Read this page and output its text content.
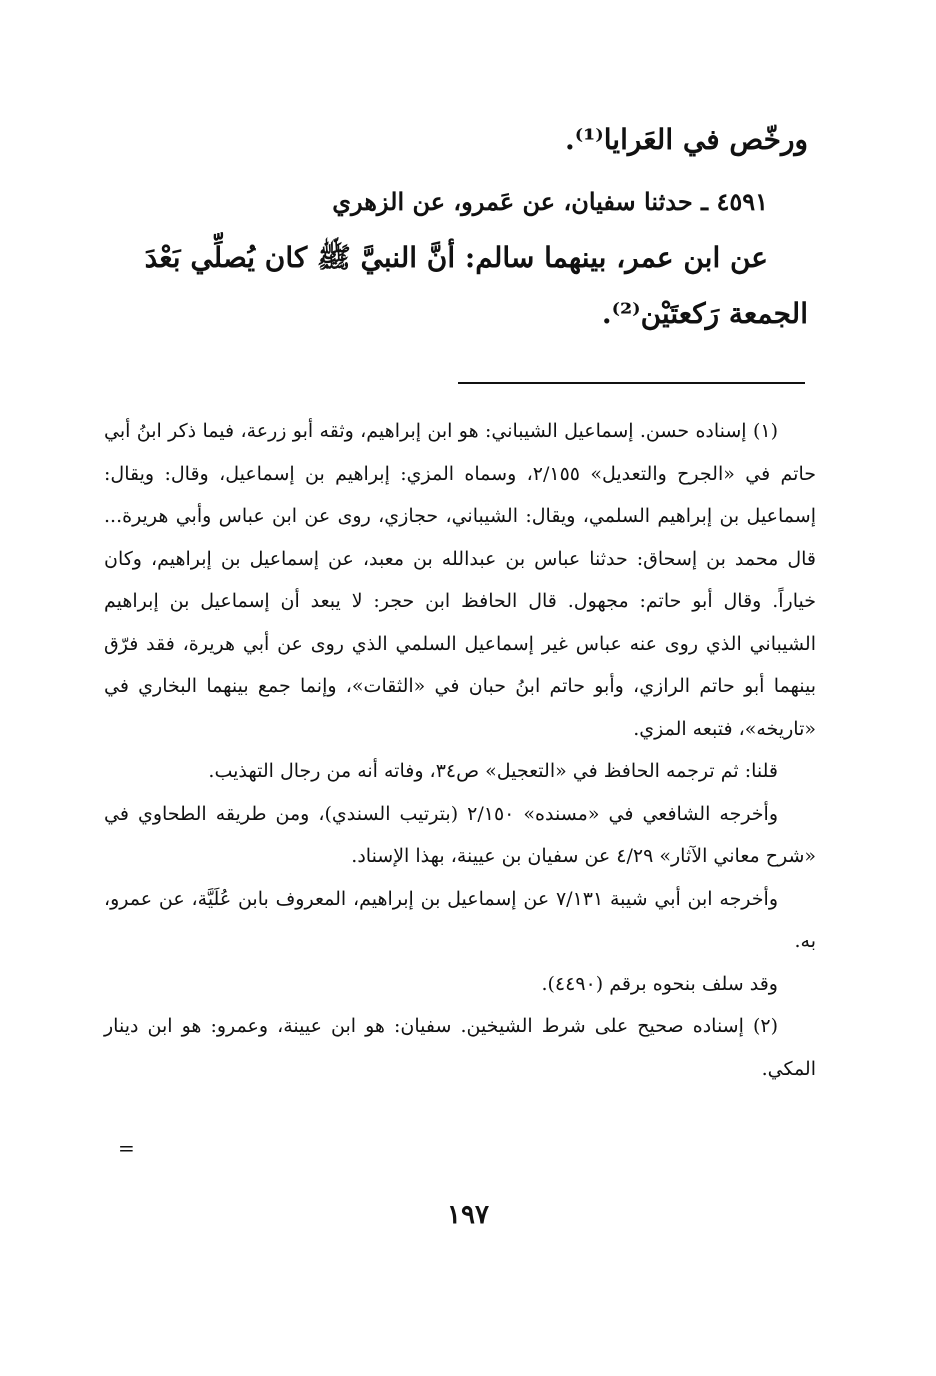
ورخّص في العَرايا⁽¹⁾.

٤٥٩١ ـ حدثنا سفيان، عن عَمرو، عن الزهري

عن ابن عمر، بينهما سالم: أنَّ النبيَّ ﷺ كان يُصلِّي بَعْدَ

الجمعة رَكعتَيْن⁽²⁾.

(١) إسناده حسن. إسماعيل الشيباني: هو ابن إبراهيم، وثقه أبو زرعة، فيما ذكر ابنُ أبي حاتم في «الجرح والتعديل» ٢/١٥٥، وسماه المزي: إبراهيم بن إسماعيل، وقال: ويقال: إسماعيل بن إبراهيم السلمي، ويقال: الشيباني، حجازي، روى عن ابن عباس وأبي هريرة... قال محمد بن إسحاق: حدثنا عباس بن عبدالله بن معبد، عن إسماعيل بن إبراهيم، وكان خياراً. وقال أبو حاتم: مجهول. قال الحافظ ابن حجر: لا يبعد أن إسماعيل بن إبراهيم الشيباني الذي روى عنه عباس غير إسماعيل السلمي الذي روى عن أبي هريرة، فقد فرّق بينهما أبو حاتم الرازي، وأبو حاتم ابنُ حبان في «الثقات»، وإنما جمع بينهما البخاري في «تاريخه»، فتبعه المزي.

قلنا: ثم ترجمه الحافظ في «التعجيل» ص٣٤، وفاته أنه من رجال التهذيب.

وأخرجه الشافعي في «مسنده» ٢/١٥٠ (بترتيب السندي)، ومن طريقه الطحاوي في «شرح معاني الآثار» ٤/٢٩ عن سفيان بن عيينة، بهذا الإسناد.

وأخرجه ابن أبي شيبة ٧/١٣١ عن إسماعيل بن إبراهيم، المعروف بابن عُلَيَّة، عن عمرو، به.

وقد سلف بنحوه برقم (٤٤٩٠).

(٢) إسناده صحيح على شرط الشيخين. سفيان: هو ابن عيينة، وعمرو: هو ابن دينار المكي.

=
١٩٧
